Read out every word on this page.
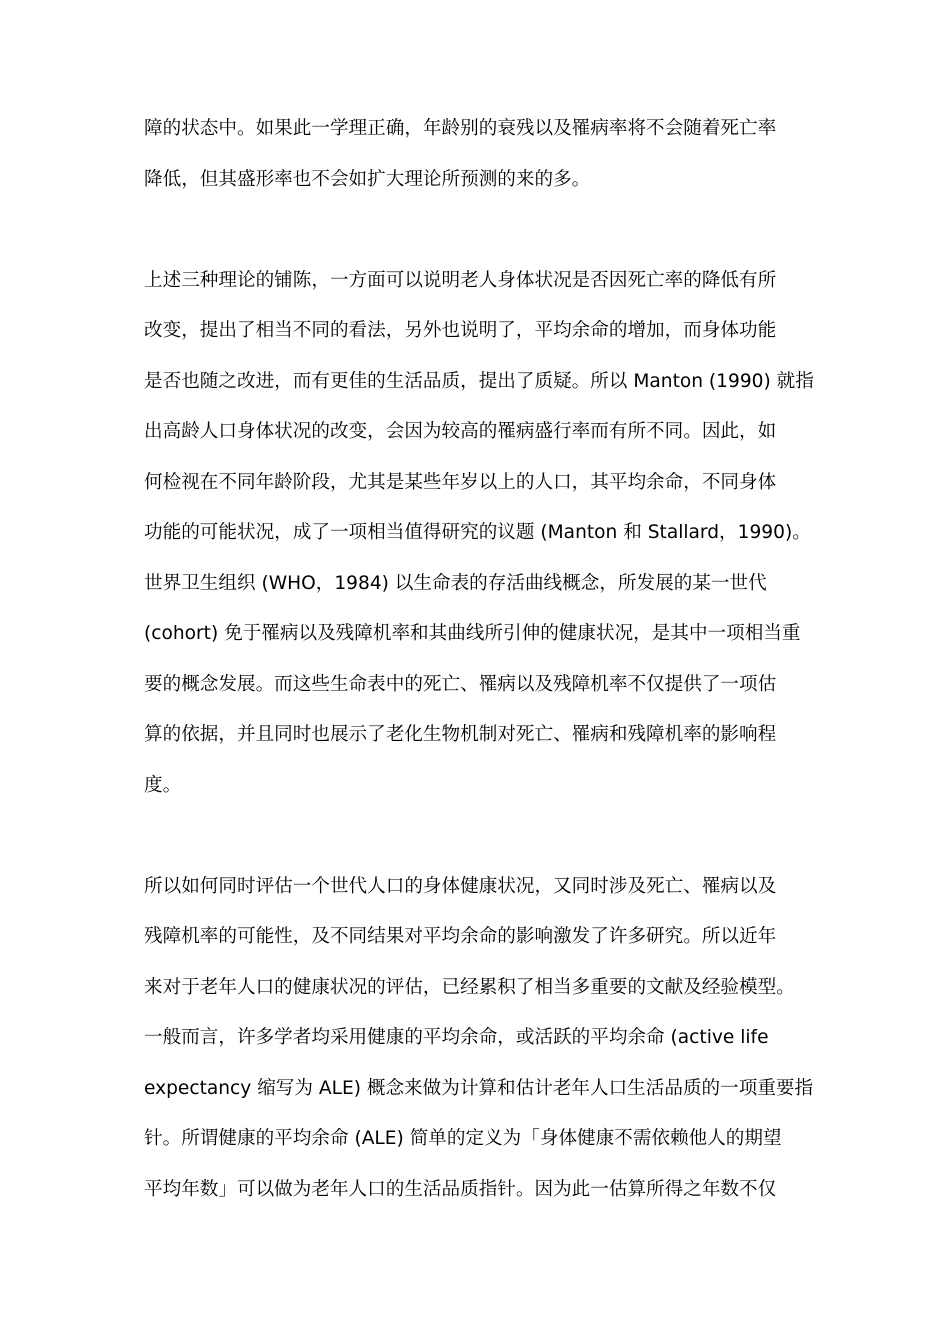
障的状态中。如果此一学理正确，年龄别的衰残以及罹病率将不会随着死亡率
降低，但其盛形率也不会如扩大理论所预测的来的多。
上述三种理论的铺陈，一方面可以说明老人身体状况是否因死亡率的降低有所
改变，提出了相当不同的看法，另外也说明了，平均余命的增加，而身体功能
是否也随之改进，而有更佳的生活品质，提出了质疑。所以 Manton (1990) 就指
出高龄人口身体状况的改变，会因为较高的罹病盛行率而有所不同。因此，如
何检视在不同年龄阶段，尤其是某些年岁以上的人口，其平均余命，不同身体
功能的可能状况，成了一项相当值得研究的议题 (Manton 和 Stallard，1990)。
世界卫生组织 (WHO，1984) 以生命表的存活曲线概念，所发展的某一世代
(cohort) 免于罹病以及残障机率和其曲线所引伸的健康状况，是其中一项相当重
要的概念发展。而这些生命表中的死亡、罹病以及残障机率不仅提供了一项估
算的依据，并且同时也展示了老化生物机制对死亡、罹病和残障机率的影响程
度。
所以如何同时评估一个世代人口的身体健康状况，又同时涉及死亡、罹病以及
残障机率的可能性，及不同结果对平均余命的影响激发了许多研究。所以近年
来对于老年人口的健康状况的评估，已经累积了相当多重要的文献及经验模型。
一般而言，许多学者均采用健康的平均余命，或活跃的平均余命 (active life
expectancy 缩写为 ALE) 概念来做为计算和估计老年人口生活品质的一项重要指
针。所谓健康的平均余命 (ALE) 简单的定义为「身体健康不需依赖他人的期望
平均年数」可以做为老年人口的生活品质指针。因为此一估算所得之年数不仅
